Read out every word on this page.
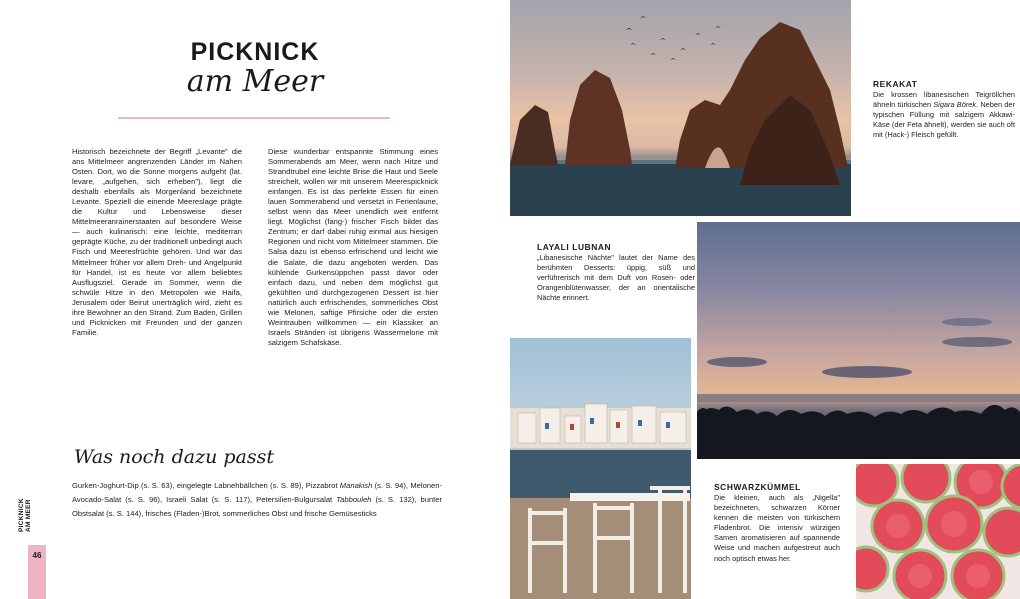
PICKNICK
am Meer
Historisch bezeichnete der Begriff „Levante" die ans Mittelmeer angrenzenden Länder im Nahen Osten. Dort, wo die Sonne morgens aufgeht (lat. levare, „aufgehen, sich erheben"), liegt die deshalb ebenfalls als Morgenland bezeichnete Levante. Speziell die einende Meereslage prägte die Kultur und Lebensweise dieser Mittelmeeranrainerstaaten auf besondere Weise — auch kulinarisch: eine leichte, mediterran geprägte Küche, zu der traditionell unbedingt auch Fisch und Meeresfrüchte gehören. Und war das Mittelmeer früher vor allem Dreh- und Angelpunkt für Handel, ist es heute vor allem beliebtes Ausflugsziel. Gerade im Sommer, wenn die schwüle Hitze in den Metropolen wie Haifa, Jerusalem oder Beirut unerträglich wird, zieht es ihre Bewohner an den Strand. Zum Baden, Grillen und Picknicken mit Freunden und der ganzen Familie.
Diese wunderbar entspannte Stimmung eines Sommerabends am Meer, wenn nach Hitze und Strandtrubel eine leichte Brise die Haut und Seele streichelt, wollen wir mit unserem Meerespicknick einfangen. Es ist das perfekte Essen für einen lauen Sommerabend und versetzt in Ferienlaune, selbst wenn das Meer unendlich weit entfernt liegt. Möglichst (fang-) frischer Fisch bildet das Zentrum; er darf dabei ruhig einmal aus hiesigen Regionen und nicht vom Mittelmeer stammen. Die Salsa dazu ist ebenso erfrischend und leicht wie die Salate, die dazu angeboten werden. Das kühlende Gurkensüppchen passt davor oder einfach dazu, und neben dem möglichst gut gekühlten und durchgezogenen Dessert ist hier natürlich auch erfrischendes, sommerliches Obst wie Melonen, saftige Pfirsiche oder die ersten Weintrauben willkommen — ein Klassiker an Israels Stränden ist übrigens Wassermelone mit salzigem Schafskäse.
Was noch dazu passt
Gurken-Joghurt-Dip (s. S. 63), eingelegte Labnehbällchen (s. S. 89), Pizzabrot Manakish (s. S. 94), Melonen-Avocado-Salat (s. S. 96), Israeli Salat (s. S. 117), Petersilien-Bulgursalat Tabbouleh (s. S. 132), bunter Obstsalat (s. S. 144), frisches (Fladen-)Brot, sommerliches Obst und frische Gemüsesticks
46
PICKNICK AM MEER
REKAKAT
Die krossen libanesischen Teigröllchen ähneln türkischen Sigara Börek. Neben der typischen Füllung mit salzigem Akkawi-Käse (der Feta ähnelt), werden sie auch oft mit (Hack-) Fleisch gefüllt.
LAYALI LUBNAN
„Libanesische Nächte" lautet der Name des berühmten Desserts: üppig, süß und verführerisch mit dem Duft von Rosen- oder Orangenblütenwasser, der an orientalische Nächte erinnert.
SCHWARZKÜMMEL
Die kleinen, auch als „Nigella" bezeichneten, schwarzen Körner kennen die meisten von türkischem Fladenbrot. Die intensiv würzigen Samen aromatisieren auf spannende Weise und machen aufgestreut auch noch optisch etwas her.
